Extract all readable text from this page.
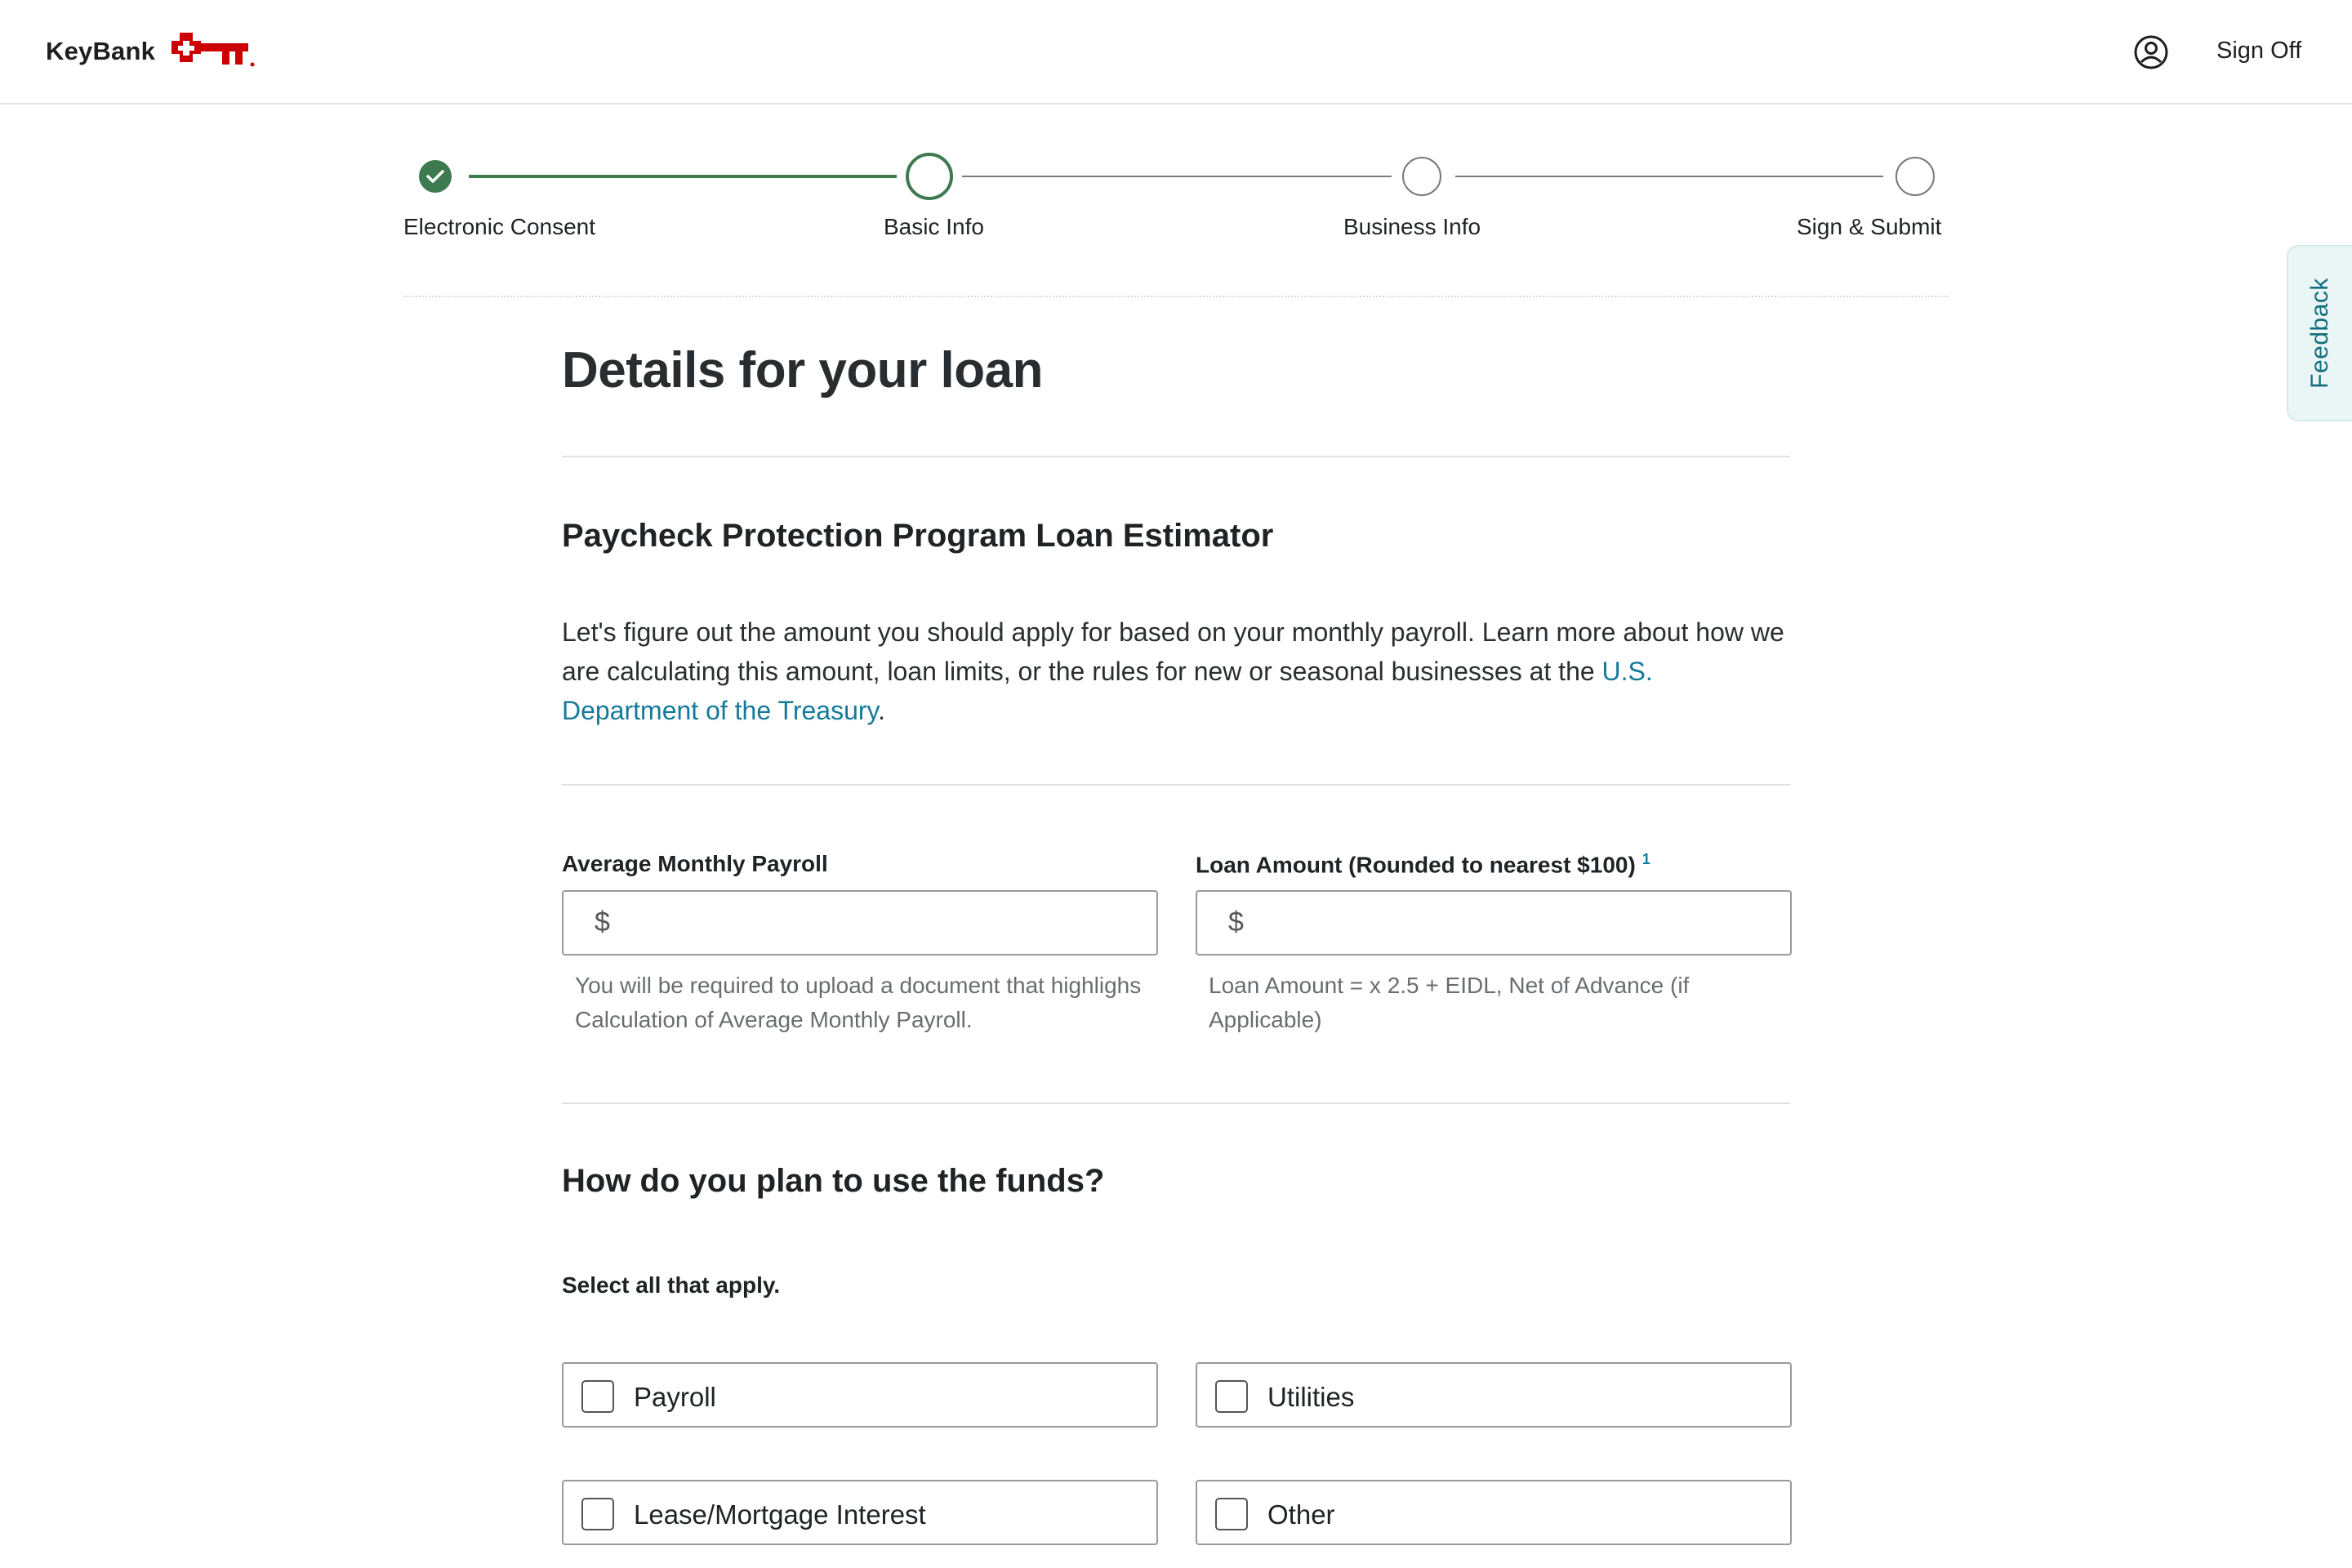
KeyBank	Sign Off
Feedback
Electronic Consent	Basic Info	Business Info	Sign & Submit
Details for your loan
Paycheck Protection Program Loan Estimator

Let's figure out the amount you should apply for based on your monthly payroll. Learn more about how we are calculating this amount, loan limits, or the rules for new or seasonal businesses at the U.S. Department of the Treasury.

Average Monthly Payroll
$

You will be required to upload a document that highlighs Calculation of Average Monthly Payroll.

Loan Amount (Rounded to nearest $100) $^1$
$

Loan Amount = x 2.5 + EIDL, Net of Advance (if Applicable)

How do you plan to use the funds?

Select all that apply.

Payroll	Utilities
Lease/Mortgage Interest	Other
